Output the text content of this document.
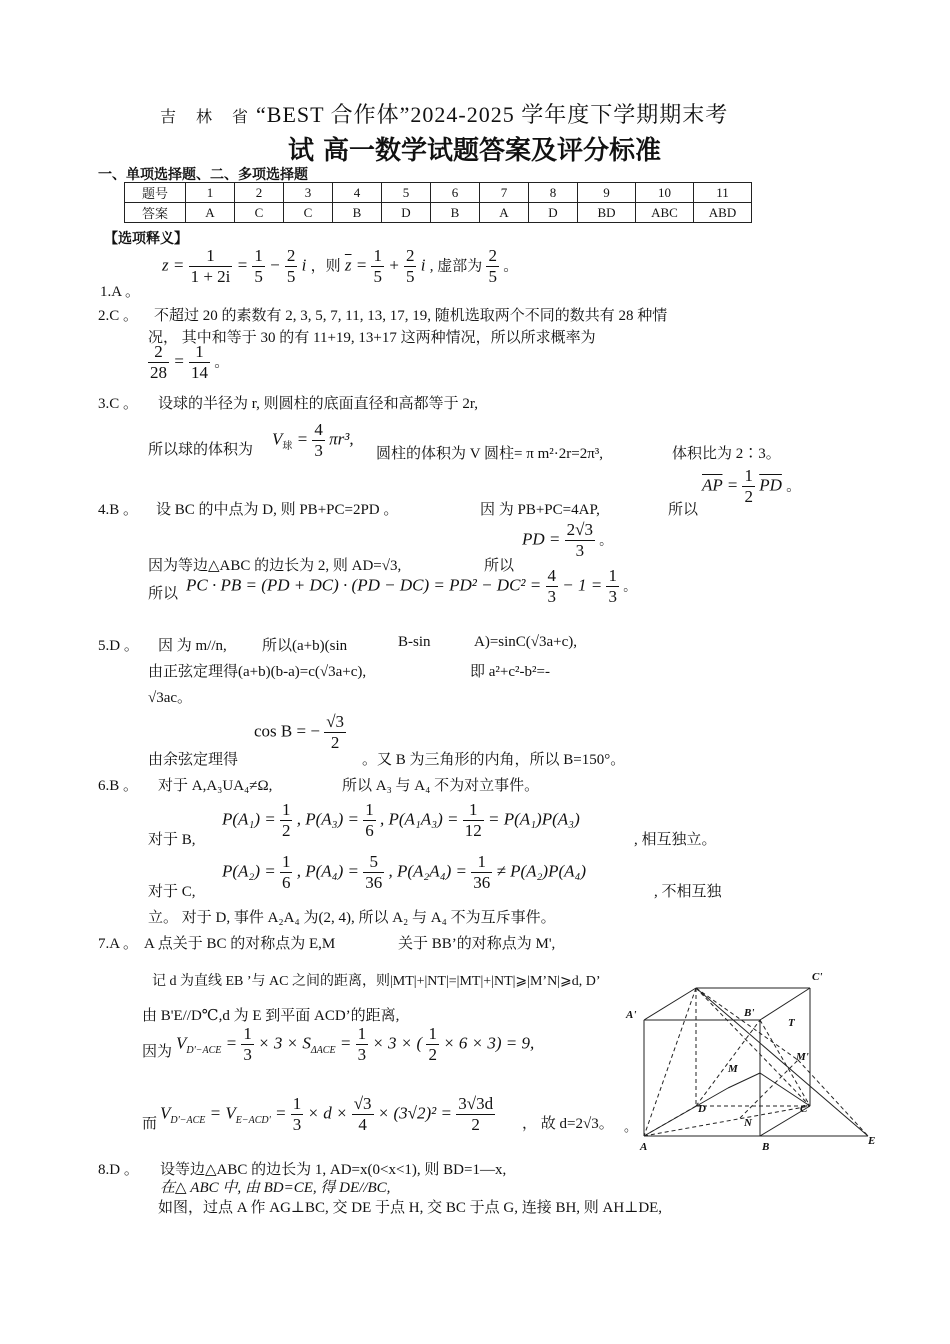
吉 林 省“BEST 合作体”2024-2025 学年度下学期期末考
试 高一数学试题答案及评分标准
一、单项选择题、二、多项选择题
题号	1	2	3	4	5	6	7	8	9	10	11
答案	A	C	C	B	D	B	A	D	BD	ABC	ABD
【选项释义】
1.A 。
$z = \frac{1}{1 + 2i} = \frac{1}{5} - \frac{2}{5}$ i ，则 $\overline{z} = \frac{1}{5} + \frac{2}{5}$ i , 虚部为 $\frac{2}{5}$ 。
2.C 。 不超过 20 的素数有 2, 3, 5, 7, 11, 13, 17, 19, 随机选取两个不同的数共有 28 种情
况， 其中和等于 30 的有 11+19, 13+17 这两种情况，所以所求概率为
$\frac{2}{28} = \frac{1}{14}$ 。
3.C 。 设球的半径为 r, 则圆柱的底面直径和高都等于 2r,
所以球的体积为
$V_球 = \frac{4}{3} \pi r^3$,
圆柱的体积为 V 圆柱= π m²·2r=2π³,	体积比为 2∶3。
4.B 。 设 BC 的中点为 D, 则 PB+PC=2PD 。	因 为 PB+PC=4AP,	所以
$\overline{AP} = \frac{1}{2} \overline{PD}$ 。
因为等边△ABC 的边长为 2, 则 AD=√3,	所以
PD = $\frac{2√3}{3}$ 。
所以 PC · PB = $(PD + DC) \cdot (PD - DC) = PD^2 - DC^2 = \frac{4}{3} - 1 = \frac{1}{3}$ 。
5.D 。 因 为 m//n, 所以(a+b)(sin	B-sin	A)=sinC(√3a+c),
由正弦定理得(a+b)(b-a)=c(√3a+c),	即 a²+c²-b²=-
√3ac。
由余弦定理得
cos B = − $\frac{√3}{2}$
。又 B 为三角形的内角，所以 B=150°。
6.B 。 对于 A,A₃UA₄≠Ω,	所以 A₃ 与 A₄ 不为对立事件。
对于 B,
$P(A_1) = \frac{1}{2}$ , $P(A_3) = \frac{1}{6}$ , $P(A_1A_3) = \frac{1}{12} = P(A_1)P(A_3)$
, 相互独立。
对于 C,
$P(A_2) = \frac{1}{6}$ , $P(A_4) = \frac{5}{36}$ , $P(A_2A_4) = \frac{1}{36} \ne P(A_2)P(A_4)$
, 不相互独
立。 对于 D, 事件 A₂A₄ 为(2, 4), 所以 A₂ 与 A₄ 不为互斥事件。
7.A 。 A 点关于 BC 的对称点为 E,M	关于 BB’的对称点为 M',
记 d 为直线 EB ’与 AC 之间的距离，则|MT|+|NT|=|MT|+|NT|⩾|M’N|⩾d, D’
由 B'E//D℃,d 为 E 到平面 ACD’的距离,
因为 $V_{D'-ACE} = \frac{1}{3} \times 3 \times S_{\Delta ACE} = \frac{1}{3} \times 3$ × ( $\frac{1}{2} \times 6 \times 3) = 9$,
而
$V_{D'-ACE} = V_{E-ACD'} = \frac{1}{3} \times d \times \frac{√3}{4} \times (3√2)^2 = \frac{3√3d}{2}$ ， 故 d=2√3。 。
C'
A'	B'
T
M'
M
D	C
N
A	B	E
8.D 。 设等边△ABC 的边长为 1, AD=x(0<x<1), 则 BD=1—x,
在△ ABC 中, 由 BD=CE, 得 DE//BC,
如图，过点 A 作 AG⊥BC, 交 DE 于点 H, 交 BC 于点 G, 连接 BH, 则 AH⊥DE,
